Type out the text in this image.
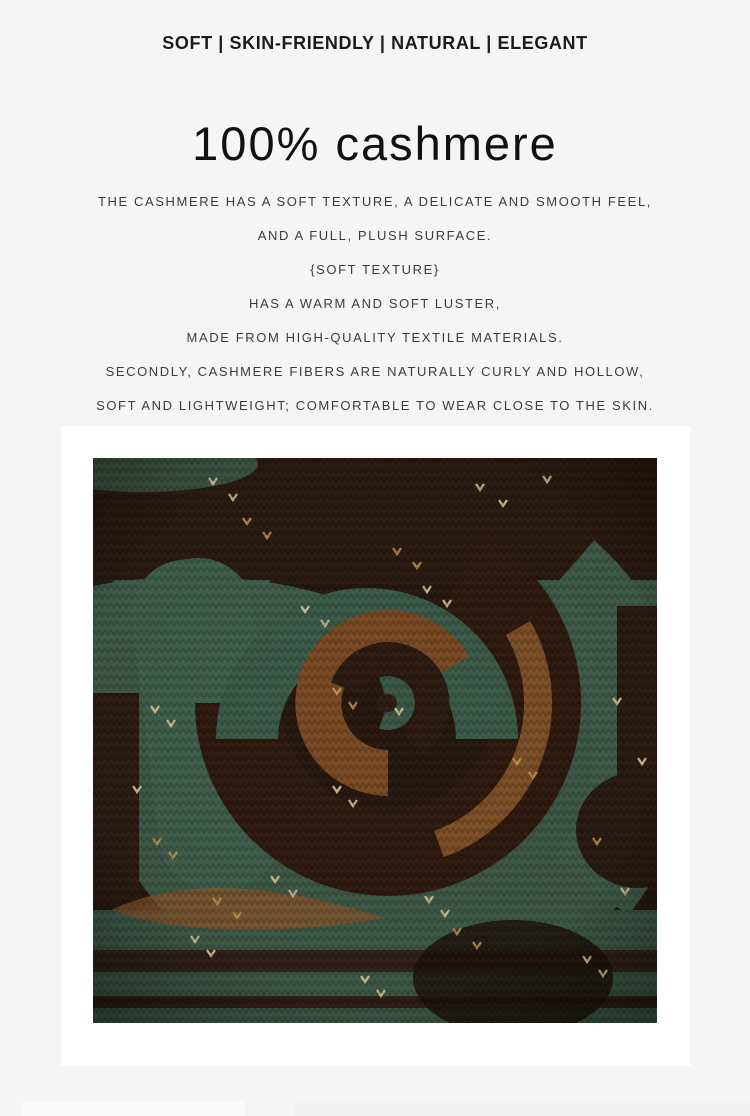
SOFT | SKIN-FRIENDLY | NATURAL | ELEGANT
100% cashmere
THE CASHMERE HAS A SOFT TEXTURE, A DELICATE AND SMOOTH FEEL,
AND A FULL, PLUSH SURFACE.
{SOFT TEXTURE}
HAS A WARM AND SOFT LUSTER,
MADE FROM HIGH-QUALITY TEXTILE MATERIALS.
SECONDLY, CASHMERE FIBERS ARE NATURALLY CURLY AND HOLLOW,
SOFT AND LIGHTWEIGHT; COMFORTABLE TO WEAR CLOSE TO THE SKIN.
